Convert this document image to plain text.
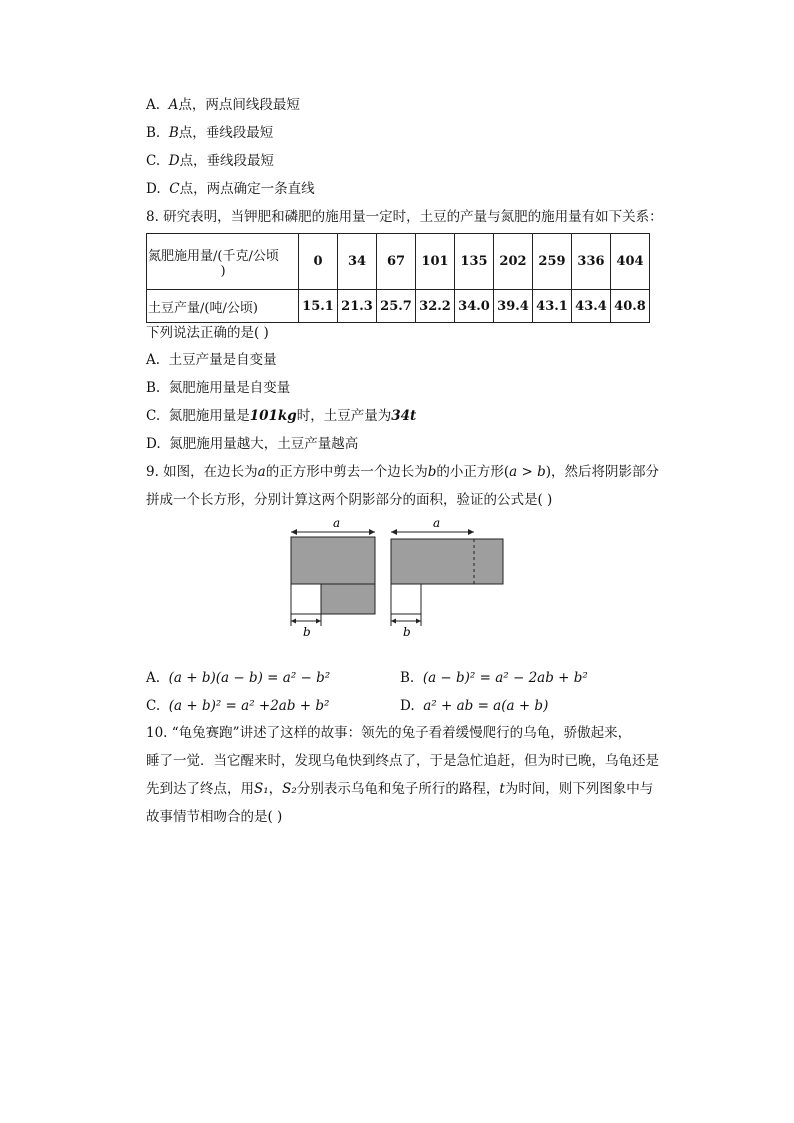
A. A点，两点间线段最短
B. B点，垂线段最短
C. D点，垂线段最短
D. C点，两点确定一条直线
8. 研究表明，当钾肥和磷肥的施用量一定时，土豆的产量与氮肥的施用量有如下关系：
氮肥施用量/(千克/公顷
)	0	34	67	101	135	202	259	336	404
土豆产量/(吨/公顷)	15.1	21.3	25.7	32.2	34.0	39.4	43.1	43.4	40.8
下列说法正确的是( )
A. 土豆产量是自变量
B. 氮肥施用量是自变量
C. 氮肥施用量是101kg时，土豆产量为34t
D. 氮肥施用量越大，土豆产量越高
9. 如图，在边长为a的正方形中剪去一个边长为b的小正方形(a > b)，然后将阴影部分
拼成一个长方形，分别计算这两个阴影部分的面积，验证的公式是( )
a
b
a
b
A. (a + b)(a − b) = a² − b²	B. (a − b)² = a² − 2ab + b²
C. (a + b)² = a² +2ab + b²	D. a² + ab = a(a + b)
10. “龟兔赛跑”讲述了这样的故事：领先的兔子看着缓慢爬行的乌龟，骄傲起来，
睡了一觉．当它醒来时，发现乌龟快到终点了，于是急忙追赶，但为时已晚，乌龟还是
先到达了终点，用S₁，S₂分别表示乌龟和兔子所行的路程，t为时间，则下列图象中与
故事情节相吻合的是( )
